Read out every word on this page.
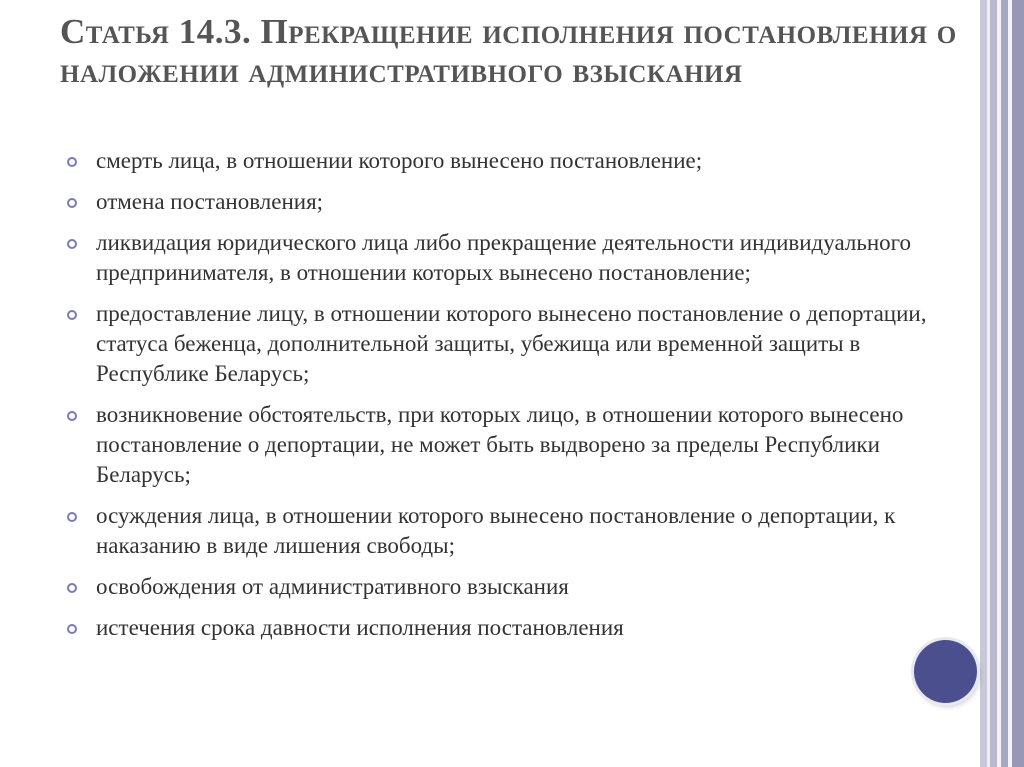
Статья 14.3. Прекращение исполнения постановления о наложении административного взыскания
смерть лица, в отношении которого вынесено постановление;
отмена постановления;
ликвидация юридического лица либо прекращение деятельности индивидуального предпринимателя, в отношении которых вынесено постановление;
предоставление лицу, в отношении которого вынесено постановление о депортации, статуса беженца, дополнительной защиты, убежища или временной защиты в Республике Беларусь;
возникновение обстоятельств, при которых лицо, в отношении которого вынесено постановление о депортации, не может быть выдворено за пределы Республики Беларусь;
осуждения лица, в отношении которого вынесено постановление о депортации, к наказанию в виде лишения свободы;
освобождения от административного взыскания
истечения срока давности исполнения постановления
